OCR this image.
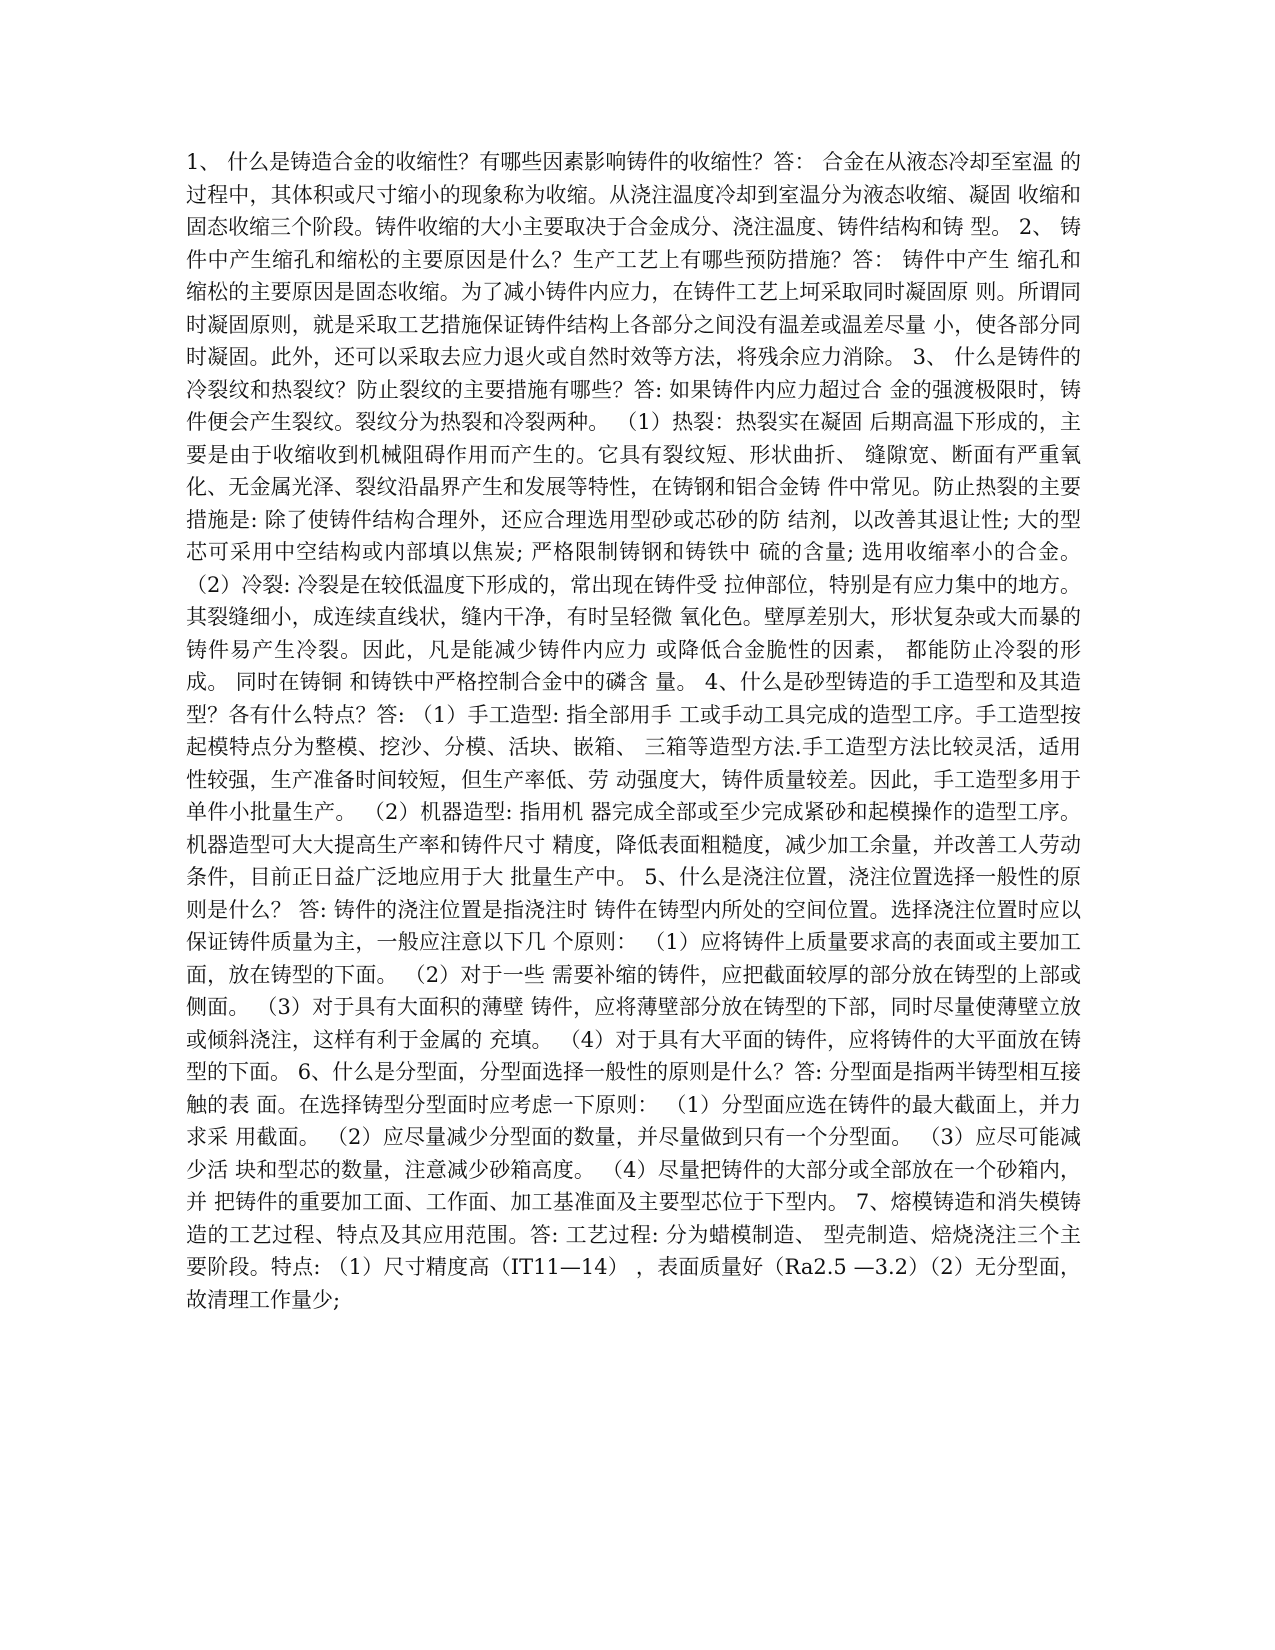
1、 什么是铸造合金的收缩性？有哪些因素影响铸件的收缩性？答： 合金在从液态冷却至室温 的过程中，其体积或尺寸缩小的现象称为收缩。从浇注温度冷却到室温分为液态收缩、凝固 收缩和固态收缩三个阶段。铸件收缩的大小主要取决于合金成分、浇注温度、铸件结构和铸 型。 2、 铸件中产生缩孔和缩松的主要原因是什么？生产工艺上有哪些预防措施？答： 铸件中产生 缩孔和缩松的主要原因是固态收缩。为了减小铸件内应力，在铸件工艺上坷采取同时凝固原 则。所谓同时凝固原则，就是采取工艺措施保证铸件结构上各部分之间没有温差或温差尽量 小，使各部分同时凝固。此外，还可以采取去应力退火或自然时效等方法，将残余应力消除。 3、 什么是铸件的冷裂纹和热裂纹？防止裂纹的主要措施有哪些？答: 如果铸件内应力超过合 金的强渡极限时，铸件便会产生裂纹。裂纹分为热裂和冷裂两种。 （1）热裂：热裂实在凝固 后期高温下形成的，主要是由于收缩收到机械阻碍作用而产生的。它具有裂纹短、形状曲折、 缝隙宽、断面有严重氧化、无金属光泽、裂纹沿晶界产生和发展等特性，在铸钢和铝合金铸 件中常见。防止热裂的主要措施是: 除了使铸件结构合理外，还应合理选用型砂或芯砂的防 结剂，以改善其退让性; 大的型芯可采用中空结构或内部填以焦炭; 严格限制铸钢和铸铁中 硫的含量; 选用收缩率小的合金。 （2）冷裂: 冷裂是在较低温度下形成的，常出现在铸件受 拉伸部位，特别是有应力集中的地方。其裂缝细小，成连续直线状，缝内干净，有时呈轻微 氧化色。壁厚差别大，形状复杂或大而暴的铸件易产生冷裂。因此，凡是能减少铸件内应力 或降低合金脆性的因素， 都能防止冷裂的形成。 同时在铸铜 和铸铁中严格控制合金中的磷含 量。 4、什么是砂型铸造的手工造型和及其造型？各有什么特点？答: （1）手工造型: 指全部用手 工或手动工具完成的造型工序。手工造型按起模特点分为整模、挖沙、分模、活块、嵌箱、 三箱等造型方法.手工造型方法比较灵活，适用性较强，生产准备时间较短，但生产率低、劳 动强度大，铸件质量较差。因此，手工造型多用于单件小批量生产。 （2）机器造型: 指用机 器完成全部或至少完成紧砂和起模操作的造型工序。机器造型可大大提高生产率和铸件尺寸 精度，降低表面粗糙度，减少加工余量，并改善工人劳动条件，目前正日益广泛地应用于大 批量生产中。 5、什么是浇注位置，浇注位置选择一般性的原则是什么？ 答: 铸件的浇注位置是指浇注时 铸件在铸型内所处的空间位置。选择浇注位置时应以保证铸件质量为主，一般应注意以下几 个原则： （1）应将铸件上质量要求高的表面或主要加工面，放在铸型的下面。 （2）对于一些 需要补缩的铸件，应把截面较厚的部分放在铸型的上部或侧面。 （3）对于具有大面积的薄壁 铸件，应将薄壁部分放在铸型的下部，同时尽量使薄壁立放或倾斜浇注，这样有利于金属的 充填。 （4）对于具有大平面的铸件，应将铸件的大平面放在铸型的下面。 6、什么是分型面，分型面选择一般性的原则是什么？答: 分型面是指两半铸型相互接触的表 面。在选择铸型分型面时应考虑一下原则： （1）分型面应选在铸件的最大截面上，并力求采 用截面。 （2）应尽量减少分型面的数量，并尽量做到只有一个分型面。 （3）应尽可能减少活 块和型芯的数量，注意减少砂箱高度。 （4）尽量把铸件的大部分或全部放在一个砂箱内，并 把铸件的重要加工面、工作面、加工基准面及主要型芯位于下型内。 7、熔模铸造和消失模铸造的工艺过程、特点及其应用范围。答: 工艺过程: 分为蜡模制造、 型壳制造、焙烧浇注三个主要阶段。特点: （1）尺寸精度高（IT11—14） ，表面质量好（Ra2.5 —3.2）（2）无分型面，故清理工作量少;
